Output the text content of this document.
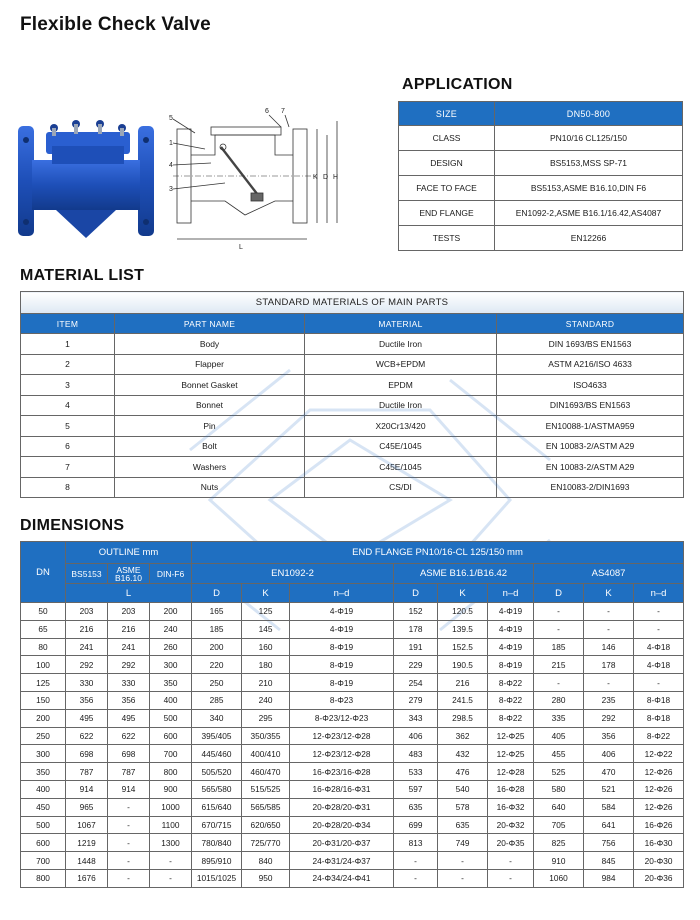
Flexible Check Valve
5
1
4
3
6 7
L
K D H
APPLICATION
SIZE	DN50-800
CLASS	PN10/16 CL125/150
DESIGN	BS5153,MSS SP-71
FACE TO FACE	BS5153,ASME B16.10,DIN F6
END FLANGE	EN1092-2,ASME B16.1/16.42,AS4087
TESTS	EN12266
MATERIAL LIST
STANDARD MATERIALS OF MAIN PARTS			
ITEM	PART NAME	MATERIAL	STANDARD
1	Body	Ductile Iron	DIN 1693/BS EN1563
2	Flapper	WCB+EPDM	ASTM A216/ISO 4633
3	Bonnet Gasket	EPDM	ISO4633
4	Bonnet	Ductile Iron	DIN1693/BS EN1563
5	Pin	X20Cr13/420	EN10088-1/ASTMA959
6	Bolt	C45E/1045	EN 10083-2/ASTM A29
7	Washers	C45E/1045	EN 10083-2/ASTM A29
8	Nuts	CS/DI	EN10083-2/DIN1693
DIMENSIONS
DN	OUTLINE mm			END FLANGE PN10/16-CL 125/150 mm								
	BS5153	ASME
B16.10	DIN-F6	EN1092-2			ASME B16.1/B16.42			AS4087		
	L			D	K	n–d	D	K	n–d	D	K	n–d
50	203	203	200	165	125	4-Φ19	152	120.5	4-Φ19	-	-	-
65	216	216	240	185	145	4-Φ19	178	139.5	4-Φ19	-	-	-
80	241	241	260	200	160	8-Φ19	191	152.5	4-Φ19	185	146	4-Φ18
100	292	292	300	220	180	8-Φ19	229	190.5	8-Φ19	215	178	4-Φ18
125	330	330	350	250	210	8-Φ19	254	216	8-Φ22	-	-	-
150	356	356	400	285	240	8-Φ23	279	241.5	8-Φ22	280	235	8-Φ18
200	495	495	500	340	295	8-Φ23/12-Φ23	343	298.5	8-Φ22	335	292	8-Φ18
250	622	622	600	395/405	350/355	12-Φ23/12-Φ28	406	362	12-Φ25	405	356	8-Φ22
300	698	698	700	445/460	400/410	12-Φ23/12-Φ28	483	432	12-Φ25	455	406	12-Φ22
350	787	787	800	505/520	460/470	16-Φ23/16-Φ28	533	476	12-Φ28	525	470	12-Φ26
400	914	914	900	565/580	515/525	16-Φ28/16-Φ31	597	540	16-Φ28	580	521	12-Φ26
450	965	-	1000	615/640	565/585	20-Φ28/20-Φ31	635	578	16-Φ32	640	584	12-Φ26
500	1067	-	1100	670/715	620/650	20-Φ28/20-Φ34	699	635	20-Φ32	705	641	16-Φ26
600	1219	-	1300	780/840	725/770	20-Φ31/20-Φ37	813	749	20-Φ35	825	756	16-Φ30
700	1448	-	-	895/910	840	24-Φ31/24-Φ37	-	-	-	910	845	20-Φ30
800	1676	-	-	1015/1025	950	24-Φ34/24-Φ41	-	-	-	1060	984	20-Φ36
